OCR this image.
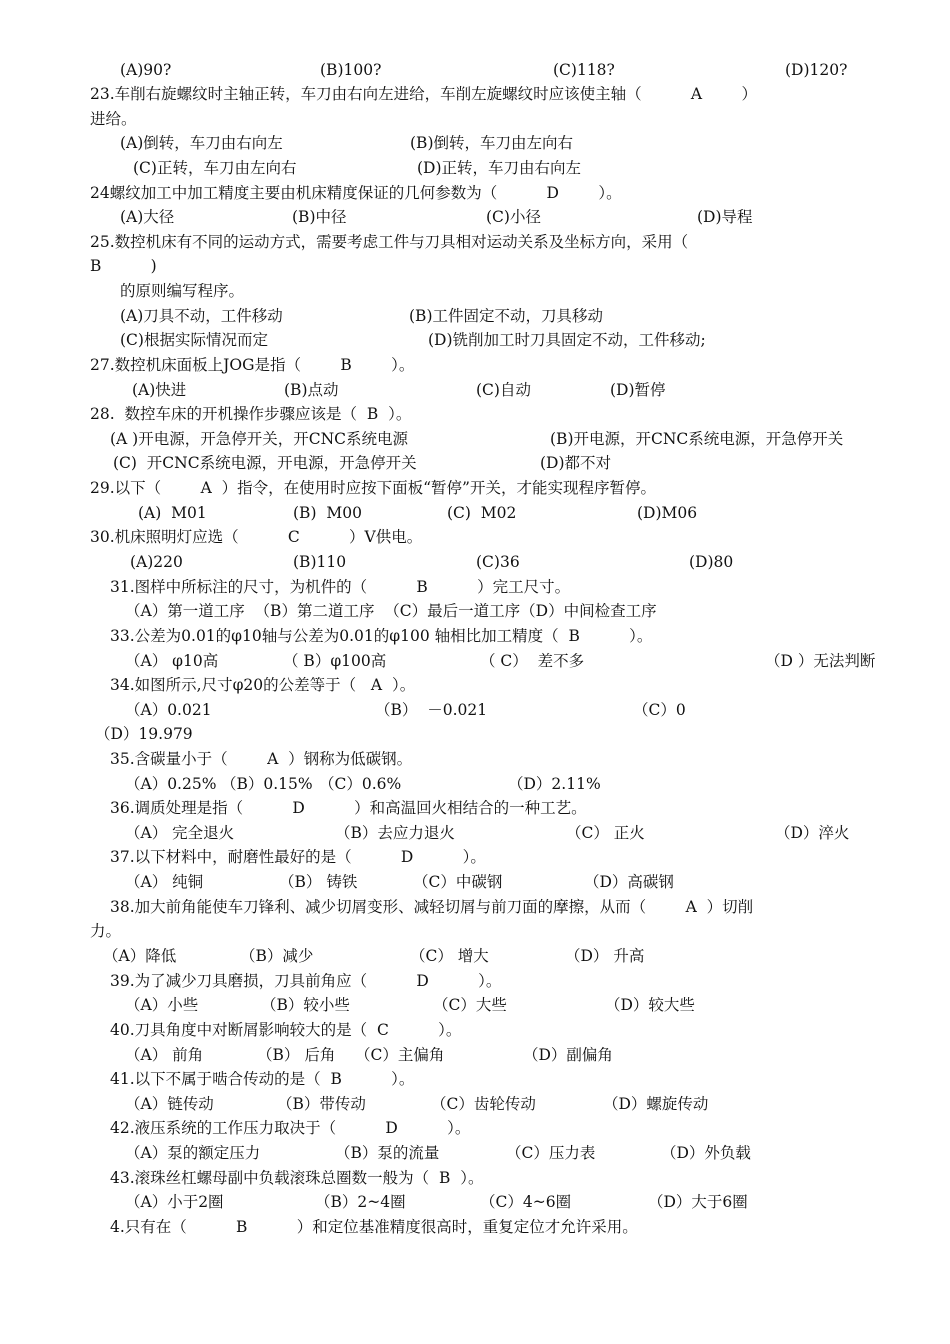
(A)90?	(B)100?	(C)118?	(D)120?
23.车削右旋螺纹时主轴正转，车刀由右向左进给，车削左旋螺纹时应该使主轴（          A        ）
进给。
(A)倒转，车刀由右向左	(B)倒转，车刀由左向右
(C)正转，车刀由左向右	(D)正转，车刀由右向左
24螺纹加工中加工精度主要由机床精度保证的几何参数为（          D        ）。
(A)大径	(B)中径	(C)小径	(D)导程
25.数控机床有不同的运动方式，需要考虑工件与刀具相对运动关系及坐标方向，采用（
B          )
的原则编写程序。
(A)刀具不动，工件移动	(B)工件固定不动，刀具移动
(C)根据实际情况而定	(D)铣削加工时刀具固定不动，工件移动;
27.数控机床面板上JOG是指（        B        ）。
(A)快进	(B)点动	(C)自动	(D)暂停
28.  数控车床的开机操作步骤应该是（  B  ）。
(A )开电源，开急停开关，开CNC系统电源	(B)开电源，开CNC系统电源，开急停开关
(C)  开CNC系统电源，开电源，开急停开关	(D)都不对
29.以下（        A  ）指令，在使用时应按下面板“暂停”开关，才能实现程序暂停。
(A)  M01	(B)  M00	(C)  M02	(D)M06
30.机床照明灯应选（          C          ）V供电。
(A)220	(B)110	(C)36	(D)80
31.图样中所标注的尺寸，为机件的（          B          ）完工尺寸。
（A）第一道工序  （B）第二道工序  （C）最后一道工序（D）中间检查工序
33.公差为0.01的φ10轴与公差为0.01的φ100 轴相比加工精度（  B          ）。
（A） φ10高	（ B）φ100高	（ C）  差不多	（D ）无法判断
34.如图所示,尺寸φ20的公差等于（   A  ）。
（A）0.021	（B）  －0.021	（C）0
（D）19.979
35.含碳量小于（        A  ）钢称为低碳钢。
（A）0.25% （B）0.15% （C）0.6%	（D）2.11%
36.调质处理是指（          D          ）和高温回火相结合的一种工艺。
（A） 完全退火	（B）去应力退火	（C） 正火	（D）淬火
37.以下材料中，耐磨性最好的是（          D          ）。
（A） 纯铜	（B） 铸铁	（C）中碳钢	（D）高碳钢
38.加大前角能使车刀锋利、减少切屑变形、减轻切屑与前刀面的摩擦，从而（        A  ）切削
力。
（A）降低	（B）减少	（C） 增大	（D） 升高
39.为了减少刀具磨损，刀具前角应（          D          ）。
（A）小些	（B）较小些	（C）大些	（D）较大些
40.刀具角度中对断屑影响较大的是（  C          ）。
（A） 前角	（B） 后角 （C）主偏角	（D）副偏角
41.以下不属于啮合传动的是（  B          ）。
（A）链传动	（B）带传动	（C）齿轮传动	（D）螺旋传动
42.液压系统的工作压力取决于（          D          ）。
（A）泵的额定压力	（B）泵的流量	（C）压力表	（D）外负载
43.滚珠丝杠螺母副中负载滚珠总圈数一般为（  B  ）。
（A）小于2圈	（B）2~4圈	（C）4~6圈	（D）大于6圈
4.只有在（          B          ）和定位基准精度很高时，重复定位才允许采用。
